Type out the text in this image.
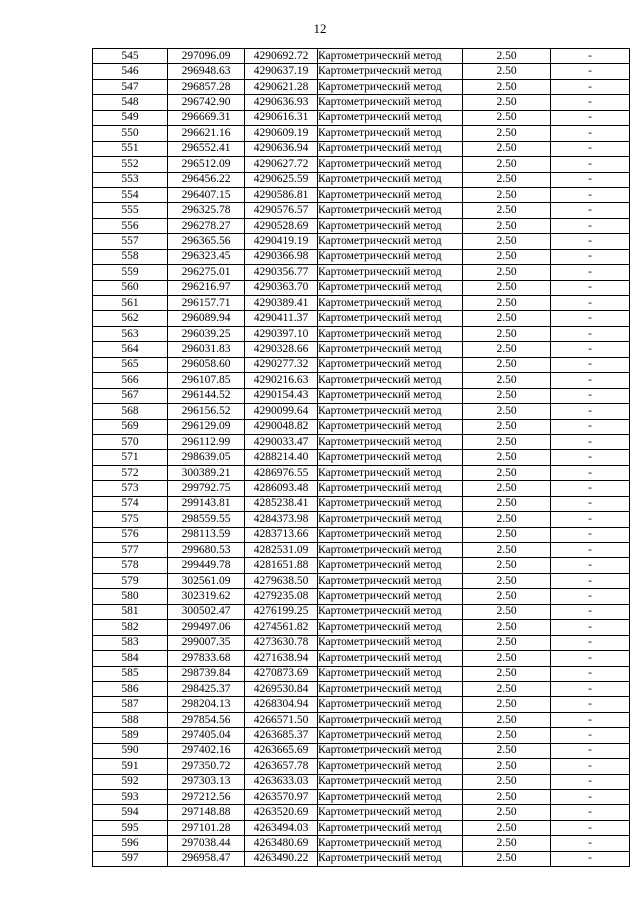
12
545	297096.09	4290692.72	Картометрический метод	2.50	-
546	296948.63	4290637.19	Картометрический метод	2.50	-
547	296857.28	4290621.28	Картометрический метод	2.50	-
548	296742.90	4290636.93	Картометрический метод	2.50	-
549	296669.31	4290616.31	Картометрический метод	2.50	-
550	296621.16	4290609.19	Картометрический метод	2.50	-
551	296552.41	4290636.94	Картометрический метод	2.50	-
552	296512.09	4290627.72	Картометрический метод	2.50	-
553	296456.22	4290625.59	Картометрический метод	2.50	-
554	296407.15	4290586.81	Картометрический метод	2.50	-
555	296325.78	4290576.57	Картометрический метод	2.50	-
556	296278.27	4290528.69	Картометрический метод	2.50	-
557	296365.56	4290419.19	Картометрический метод	2.50	-
558	296323.45	4290366.98	Картометрический метод	2.50	-
559	296275.01	4290356.77	Картометрический метод	2.50	-
560	296216.97	4290363.70	Картометрический метод	2.50	-
561	296157.71	4290389.41	Картометрический метод	2.50	-
562	296089.94	4290411.37	Картометрический метод	2.50	-
563	296039.25	4290397.10	Картометрический метод	2.50	-
564	296031.83	4290328.66	Картометрический метод	2.50	-
565	296058.60	4290277.32	Картометрический метод	2.50	-
566	296107.85	4290216.63	Картометрический метод	2.50	-
567	296144.52	4290154.43	Картометрический метод	2.50	-
568	296156.52	4290099.64	Картометрический метод	2.50	-
569	296129.09	4290048.82	Картометрический метод	2.50	-
570	296112.99	4290033.47	Картометрический метод	2.50	-
571	298639.05	4288214.40	Картометрический метод	2.50	-
572	300389.21	4286976.55	Картометрический метод	2.50	-
573	299792.75	4286093.48	Картометрический метод	2.50	-
574	299143.81	4285238.41	Картометрический метод	2.50	-
575	298559.55	4284373.98	Картометрический метод	2.50	-
576	298113.59	4283713.66	Картометрический метод	2.50	-
577	299680.53	4282531.09	Картометрический метод	2.50	-
578	299449.78	4281651.88	Картометрический метод	2.50	-
579	302561.09	4279638.50	Картометрический метод	2.50	-
580	302319.62	4279235.08	Картометрический метод	2.50	-
581	300502.47	4276199.25	Картометрический метод	2.50	-
582	299497.06	4274561.82	Картометрический метод	2.50	-
583	299007.35	4273630.78	Картометрический метод	2.50	-
584	297833.68	4271638.94	Картометрический метод	2.50	-
585	298739.84	4270873.69	Картометрический метод	2.50	-
586	298425.37	4269530.84	Картометрический метод	2.50	-
587	298204.13	4268304.94	Картометрический метод	2.50	-
588	297854.56	4266571.50	Картометрический метод	2.50	-
589	297405.04	4263685.37	Картометрический метод	2.50	-
590	297402.16	4263665.69	Картометрический метод	2.50	-
591	297350.72	4263657.78	Картометрический метод	2.50	-
592	297303.13	4263633.03	Картометрический метод	2.50	-
593	297212.56	4263570.97	Картометрический метод	2.50	-
594	297148.88	4263520.69	Картометрический метод	2.50	-
595	297101.28	4263494.03	Картометрический метод	2.50	-
596	297038.44	4263480.69	Картометрический метод	2.50	-
597	296958.47	4263490.22	Картометрический метод	2.50	-
